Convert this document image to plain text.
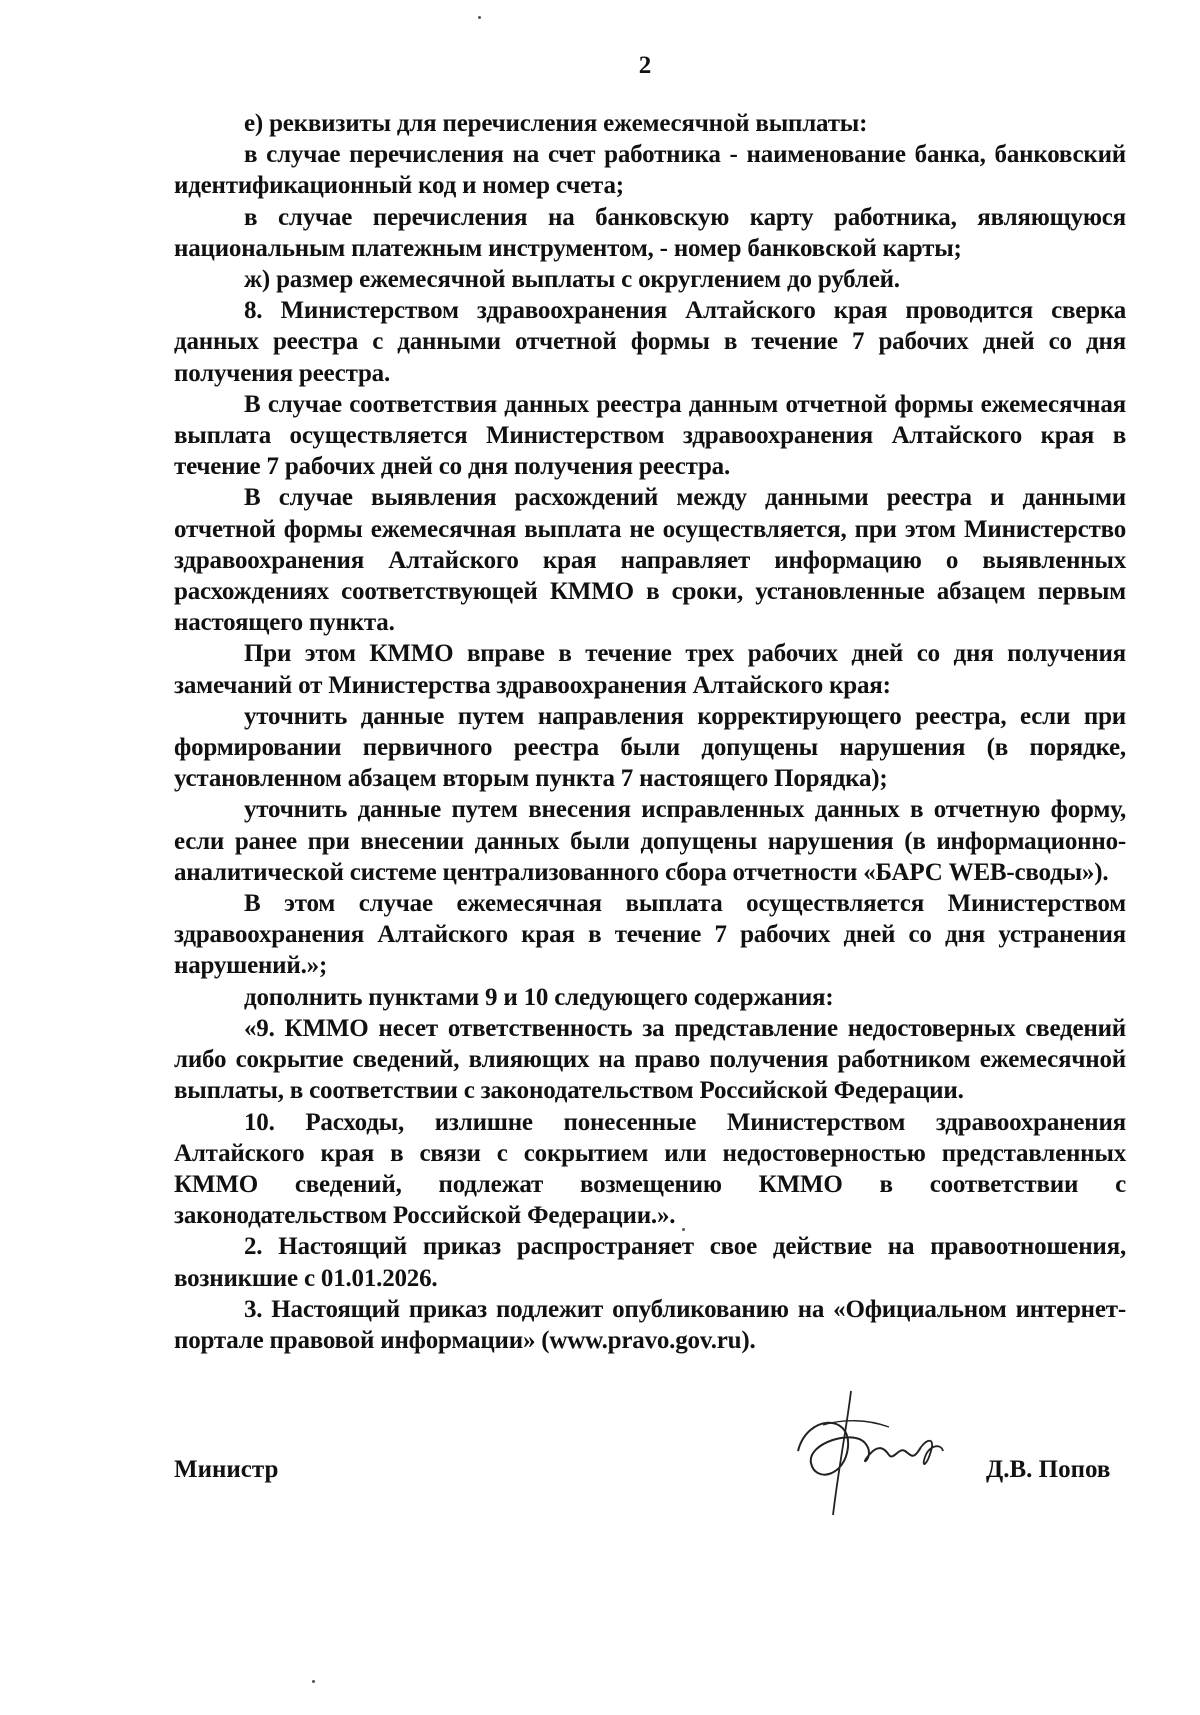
2

е) реквизиты для перечисления ежемесячной выплаты:

в случае перечисления на счет работника - наименование банка, банковский идентификационный код и номер счета;

в случае перечисления на банковскую карту работника, являющуюся национальным платежным инструментом, - номер банковской карты;

ж) размер ежемесячной выплаты с округлением до рублей.

8. Министерством здравоохранения Алтайского края проводится сверка данных реестра с данными отчетной формы в течение 7 рабочих дней со дня получения реестра.

В случае соответствия данных реестра данным отчетной формы ежемесячная выплата осуществляется Министерством здравоохранения Алтайского края в течение 7 рабочих дней со дня получения реестра.

В случае выявления расхождений между данными реестра и данными отчетной формы ежемесячная выплата не осуществляется, при этом Министерство здравоохранения Алтайского края направляет информацию о выявленных расхождениях соответствующей КММО в сроки, установленные абзацем первым настоящего пункта.

При этом КММО вправе в течение трех рабочих дней со дня получения замечаний от Министерства здравоохранения Алтайского края:

уточнить данные путем направления корректирующего реестра, если при формировании первичного реестра были допущены нарушения (в порядке, установленном абзацем вторым пункта 7 настоящего Порядка);

уточнить данные путем внесения исправленных данных в отчетную форму, если ранее при внесении данных были допущены нарушения (в информационно-аналитической системе централизованного сбора отчетности «БАРС WEB-своды»).

В этом случае ежемесячная выплата осуществляется Министерством здравоохранения Алтайского края в течение 7 рабочих дней со дня устранения нарушений.»;

дополнить пунктами 9 и 10 следующего содержания:

«9. КММО несет ответственность за представление недостоверных сведений либо сокрытие сведений, влияющих на право получения работником ежемесячной выплаты, в соответствии с законодательством Российской Федерации.

10. Расходы, излишне понесенные Министерством здравоохранения Алтайского края в связи с сокрытием или недостоверностью представленных КММО сведений, подлежат возмещению КММО в соответствии с законодательством Российской Федерации.».

2. Настоящий приказ распространяет свое действие на правоотношения, возникшие с 01.01.2026.

3. Настоящий приказ подлежит опубликованию на «Официальном интернет-портале правовой информации» (www.pravo.gov.ru).

Министр	Д.В. Попов
